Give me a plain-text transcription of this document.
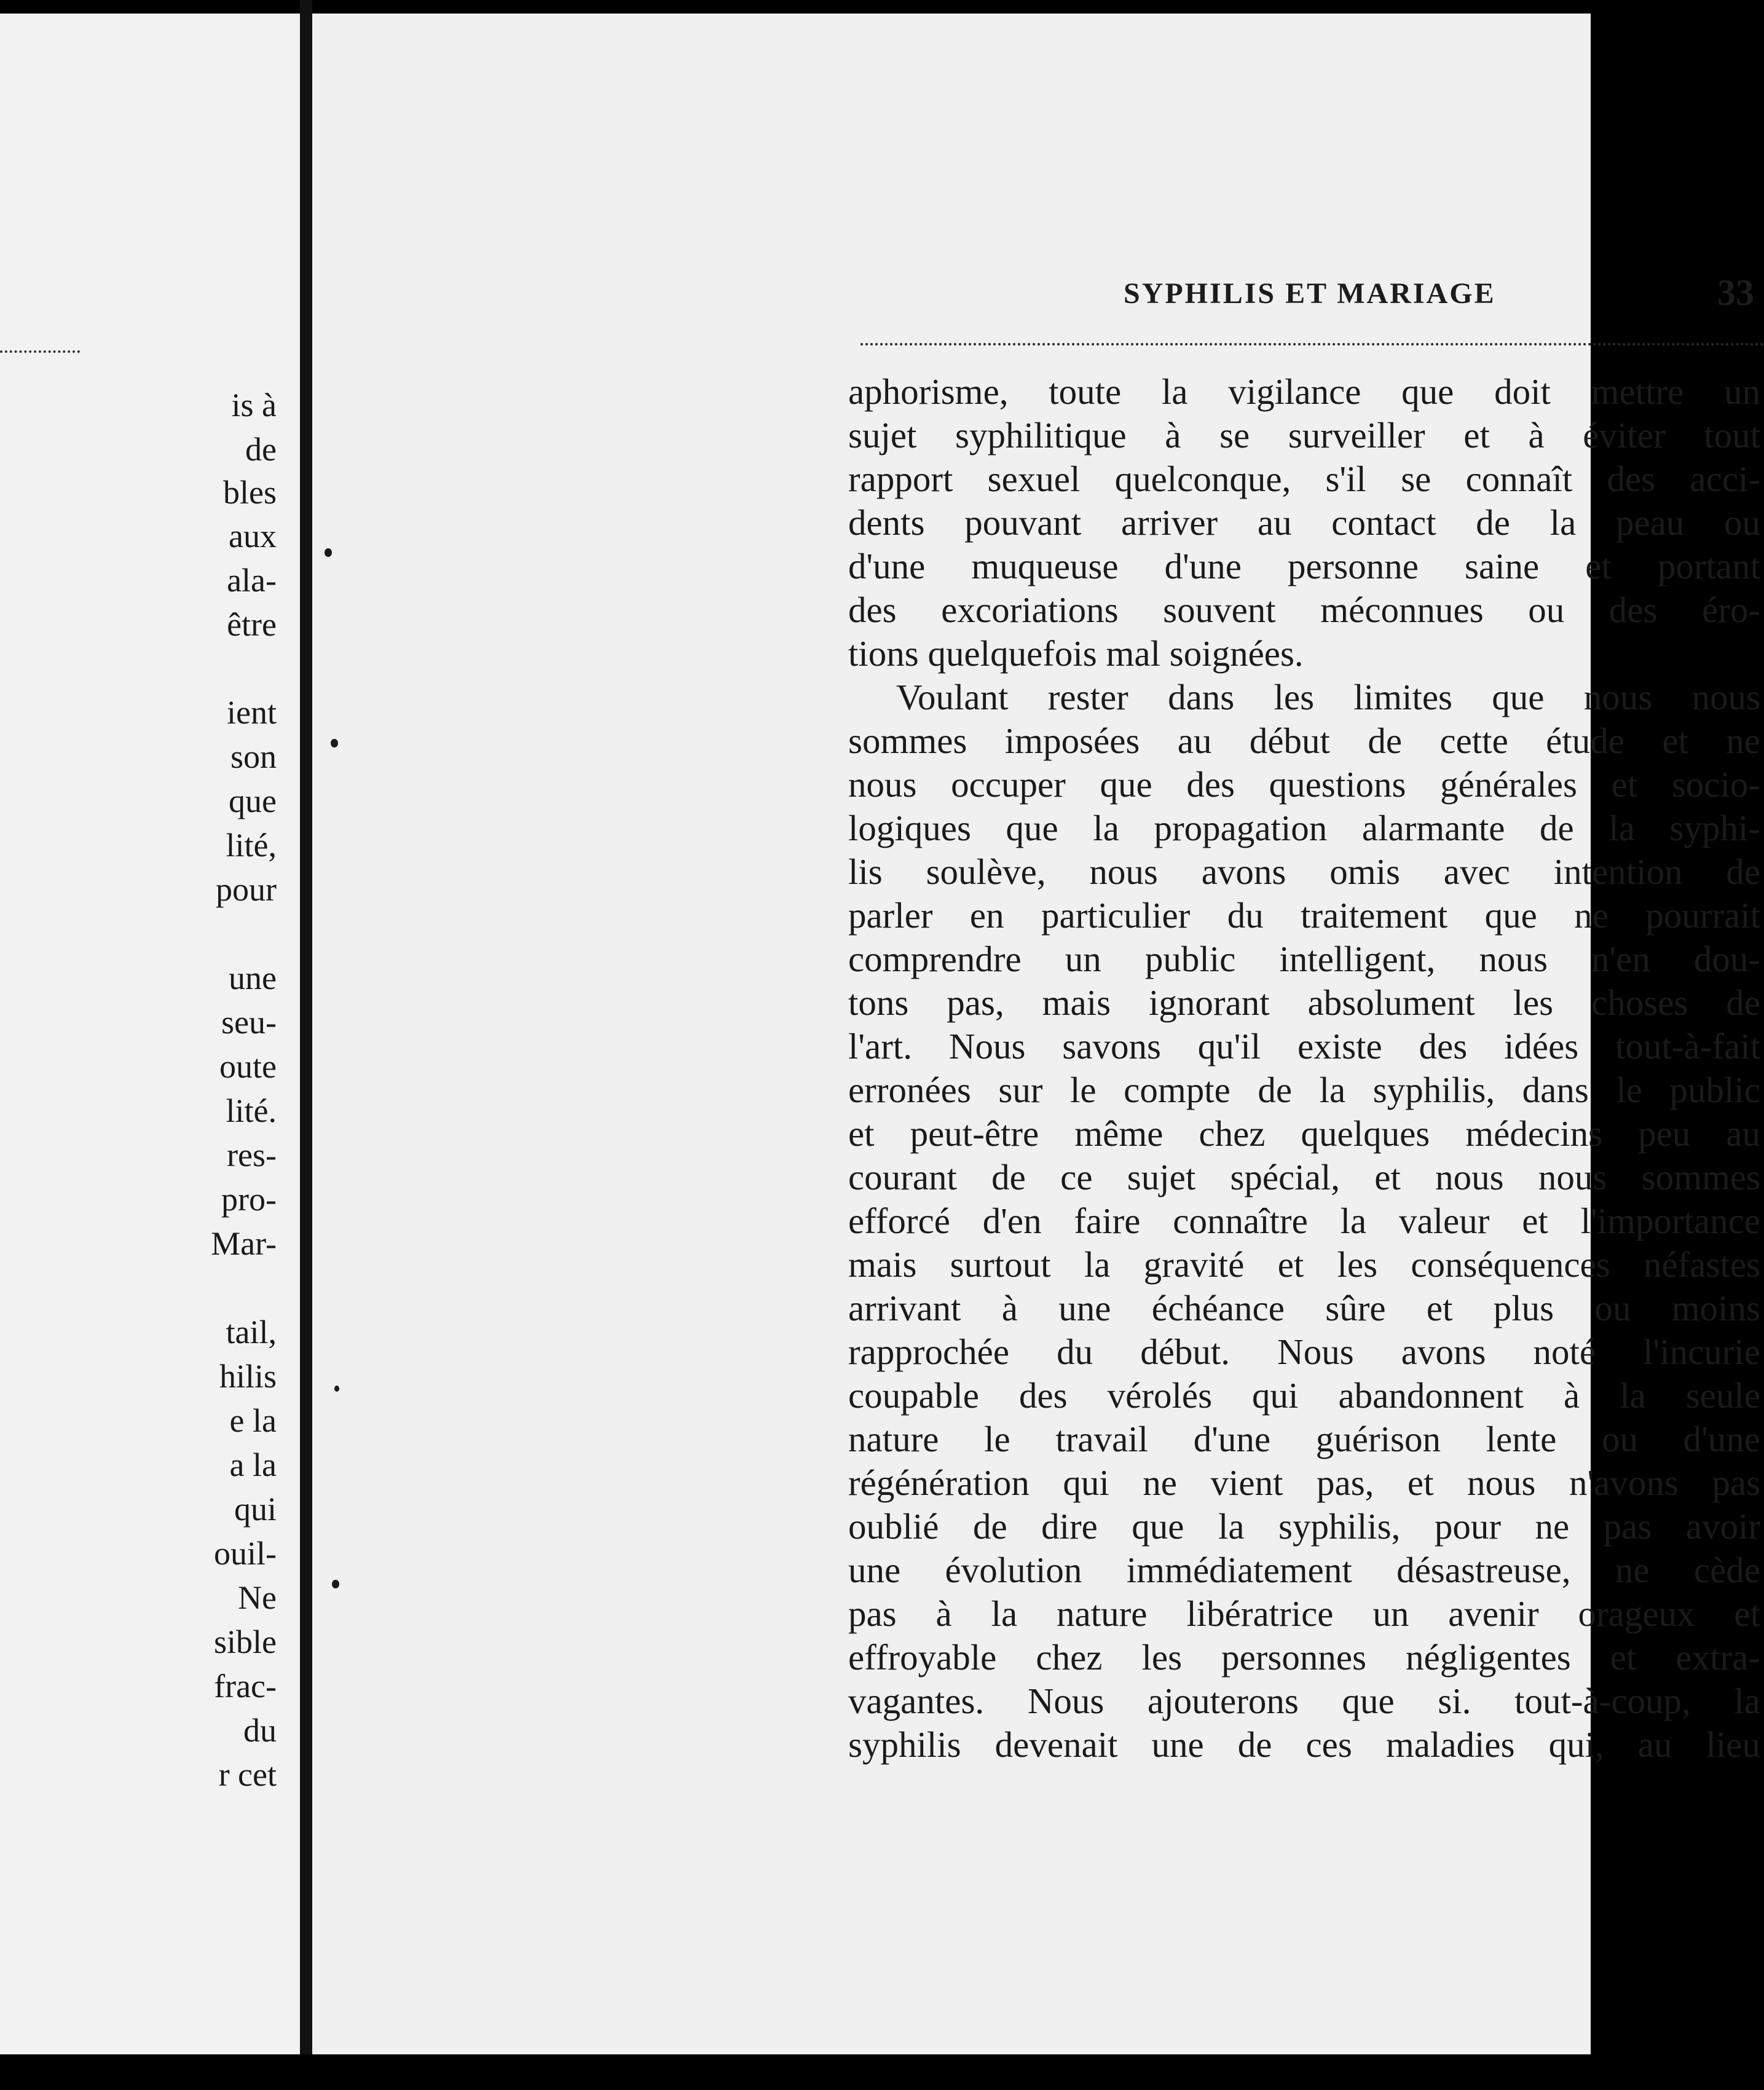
is à
de
bles
aux
ala-
être
ient
son
que
lité,
pour
une
seu-
oute
lité.
res-
pro-
Mar-
tail,
hilis
e la
a la
qui
ouil-
Ne
sible
frac-
du
r cet
SYPHILIS ET MARIAGE	33
aphorisme, toute la vigilance que doit mettre un
sujet syphilitique à se surveiller et à éviter tout
rapport sexuel quelconque, s'il se connaît des acci-
dents pouvant arriver au contact de la peau ou
d'une muqueuse d'une personne saine et portant
des excoriations souvent méconnues ou des éro-
tions quelquefois mal soignées.
Voulant rester dans les limites que nous nous
sommes imposées au début de cette étude et ne
nous occuper que des questions générales et socio-
logiques que la propagation alarmante de la syphi-
lis soulève, nous avons omis avec intention de
parler en particulier du traitement que ne pourrait
comprendre un public intelligent, nous n'en dou-
tons pas, mais ignorant absolument les choses de
l'art. Nous savons qu'il existe des idées tout-à-fait
erronées sur le compte de la syphilis, dans le public
et peut-être même chez quelques médecins peu au
courant de ce sujet spécial, et nous nous sommes
efforcé d'en faire connaître la valeur et l'importance
mais surtout la gravité et les conséquences néfastes
arrivant à une échéance sûre et plus ou moins
rapprochée du début. Nous avons noté l'incurie
coupable des vérolés qui abandonnent à la seule
nature le travail d'une guérison lente ou d'une
régénération qui ne vient pas, et nous n'avons pas
oublié de dire que la syphilis, pour ne pas avoir
une évolution immédiatement désastreuse, ne cède
pas à la nature libératrice un avenir orageux et
effroyable chez les personnes négligentes et extra-
vagantes. Nous ajouterons que si. tout-à-coup, la
syphilis devenait une de ces maladies qui, au lieu
